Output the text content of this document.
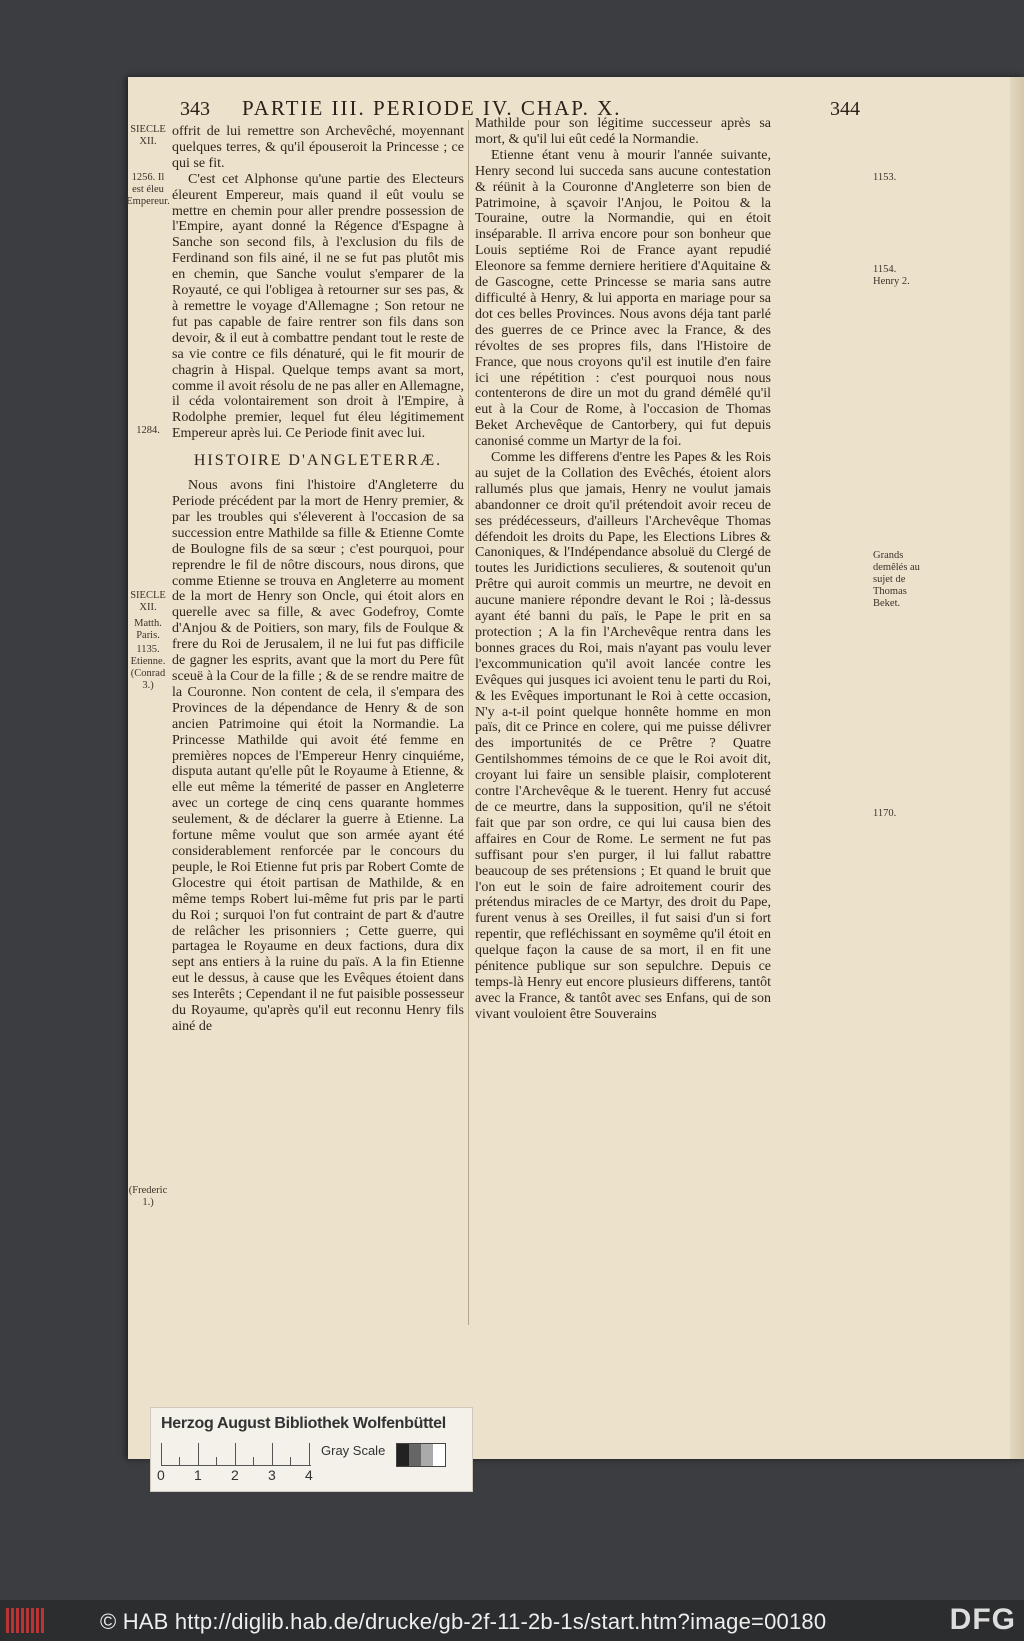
343 PARTIE III. PERIODE IV. CHAP. X.	344
SIECLE XII.
1256. Il est éleu Empereur.
1284.
SIECLE XII.
Matth. Paris.
1135. Etienne. (Conrad 3.)
(Frederic 1.)
1153.
1154. Henry 2.
Grands demêlés au sujet de Thomas Beket.
1170.

offrit de lui remettre son Archevêché, moyennant quelques terres, & qu'il épouseroit la Princesse ; ce qui se fit.

C'est cet Alphonse qu'une partie des Electeurs éleurent Empereur, mais quand il eût voulu se mettre en chemin pour aller prendre possession de l'Empire, ayant donné la Régence d'Espagne à Sanche son second fils, à l'exclusion du fils de Ferdinand son fils ainé, il ne se fut pas plutôt mis en chemin, que Sanche voulut s'emparer de la Royauté, ce qui l'obligea à retourner sur ses pas, & à remettre le voyage d'Allemagne ; Son retour ne fut pas capable de faire rentrer son fils dans son devoir, & il eut à combattre pendant tout le reste de sa vie contre ce fils dénaturé, qui le fit mourir de chagrin à Hispal. Quelque temps avant sa mort, comme il avoit résolu de ne pas aller en Allemagne, il céda volontairement son droit à l'Empire, à Rodolphe premier, lequel fut éleu légitimement Empereur après lui. Ce Periode finit avec lui.

HISTOIRE D'ANGLETERRÆ.

Nous avons fini l'histoire d'Angleterre du Periode précédent par la mort de Henry premier, & par les troubles qui s'éleverent à l'occasion de sa succession entre Mathilde sa fille & Etienne Comte de Boulogne fils de sa sœur ; c'est pourquoi, pour reprendre le fil de nôtre discours, nous dirons, que comme Etienne se trouva en Angleterre au moment de la mort de Henry son Oncle, qui étoit alors en querelle avec sa fille, & avec Godefroy, Comte d'Anjou & de Poitiers, son mary, fils de Foulque & frere du Roi de Jerusalem, il ne lui fut pas difficile de gagner les esprits, avant que la mort du Pere fût sceuë à la Cour de la fille ; & de se rendre maitre de la Couronne. Non content de cela, il s'empara des Provinces de la dépendance de Henry & de son ancien Patrimoine qui étoit la Normandie. La Princesse Mathilde qui avoit été femme en premières nopces de l'Empereur Henry cinquiéme, disputa autant qu'elle pût le Royaume à Etienne, & elle eut même la témerité de passer en Angleterre avec un cortege de cinq cens quarante hommes seulement, & de déclarer la guerre à Etienne. La fortune même voulut que son armée ayant été considerablement renforcée par le concours du peuple, le Roi Etienne fut pris par Robert Comte de Glocestre qui étoit partisan de Mathilde, & en même temps Robert lui-même fut pris par le parti du Roi ; surquoi l'on fut contraint de part & d'autre de relâcher les prisonniers ; Cette guerre, qui partagea le Royaume en deux factions, dura dix sept ans entiers à la ruine du païs. A la fin Etienne eut le dessus, à cause que les Evêques étoient dans ses Interêts ; Cependant il ne fut paisible possesseur du Royaume, qu'après qu'il eut reconnu Henry fils ainé de

Mathilde pour son légitime successeur après sa mort, & qu'il lui eût cedé la Normandie.

Etienne étant venu à mourir l'année suivante, Henry second lui succeda sans aucune contestation & réünit à la Couronne d'Angleterre son bien de Patrimoine, à sçavoir l'Anjou, le Poitou & la Touraine, outre la Normandie, qui en étoit inséparable. Il arriva encore pour son bonheur que Louis septiéme Roi de France ayant repudié Eleonore sa femme derniere heritiere d'Aquitaine & de Gascogne, cette Princesse se maria sans autre difficulté à Henry, & lui apporta en mariage pour sa dot ces belles Provinces. Nous avons déja tant parlé des guerres de ce Prince avec la France, & des révoltes de ses propres fils, dans l'Histoire de France, que nous croyons qu'il est inutile d'en faire ici une répétition : c'est pourquoi nous nous contenterons de dire un mot du grand démêlé qu'il eut à la Cour de Rome, à l'occasion de Thomas Beket Archevêque de Cantorbery, qui fut depuis canonisé comme un Martyr de la foi.

Comme les differens d'entre les Papes & les Rois au sujet de la Collation des Evêchés, étoient alors rallumés plus que jamais, Henry ne voulut jamais abandonner ce droit qu'il prétendoit avoir receu de ses prédécesseurs, d'ailleurs l'Archevêque Thomas défendoit les droits du Pape, les Elections Libres & Canoniques, & l'Indépendance absoluë du Clergé de toutes les Juridictions seculieres, & soutenoit qu'un Prêtre qui auroit commis un meurtre, ne devoit en aucune maniere répondre devant le Roi ; là-dessus ayant été banni du païs, le Pape le prit en sa protection ; A la fin l'Archevêque rentra dans les bonnes graces du Roi, mais n'ayant pas voulu lever l'excommunication qu'il avoit lancée contre les Evêques qui jusques ici avoient tenu le parti du Roi, & les Evêques importunant le Roi à cette occasion, N'y a-t-il point quelque honnête homme en mon païs, dit ce Prince en colere, qui me puisse délivrer des importunités de ce Prêtre ? Quatre Gentilshommes témoins de ce que le Roi avoit dit, croyant lui faire un sensible plaisir, comploterent contre l'Archevêque & le tuerent. Henry fut accusé de ce meurtre, dans la supposition, qu'il ne s'étoit fait que par son ordre, ce qui lui causa bien des affaires en Cour de Rome. Le serment ne fut pas suffisant pour s'en purger, il lui fallut rabattre beaucoup de ses prétensions ; Et quand le bruit que l'on eut le soin de faire adroitement courir des prétendus miracles de ce Martyr, des droit du Pape, furent venus à ses Oreilles, il fut saisi d'un si fort repentir, que refléchissant en soymême qu'il étoit en quelque façon la cause de sa mort, il en fit une pénitence publique sur son sepulchre. Depuis ce temps-là Henry eut encore plusieurs differens, tantôt avec la France, & tantôt avec ses Enfans, qui de son vivant vouloient être Souverains

Herzog August Bibliothek Wolfenbüttel
0 1 2 3 4
Gray Scale
© HAB http://diglib.hab.de/drucke/gb-2f-11-2b-1s/start.htm?image=00180	DFG
